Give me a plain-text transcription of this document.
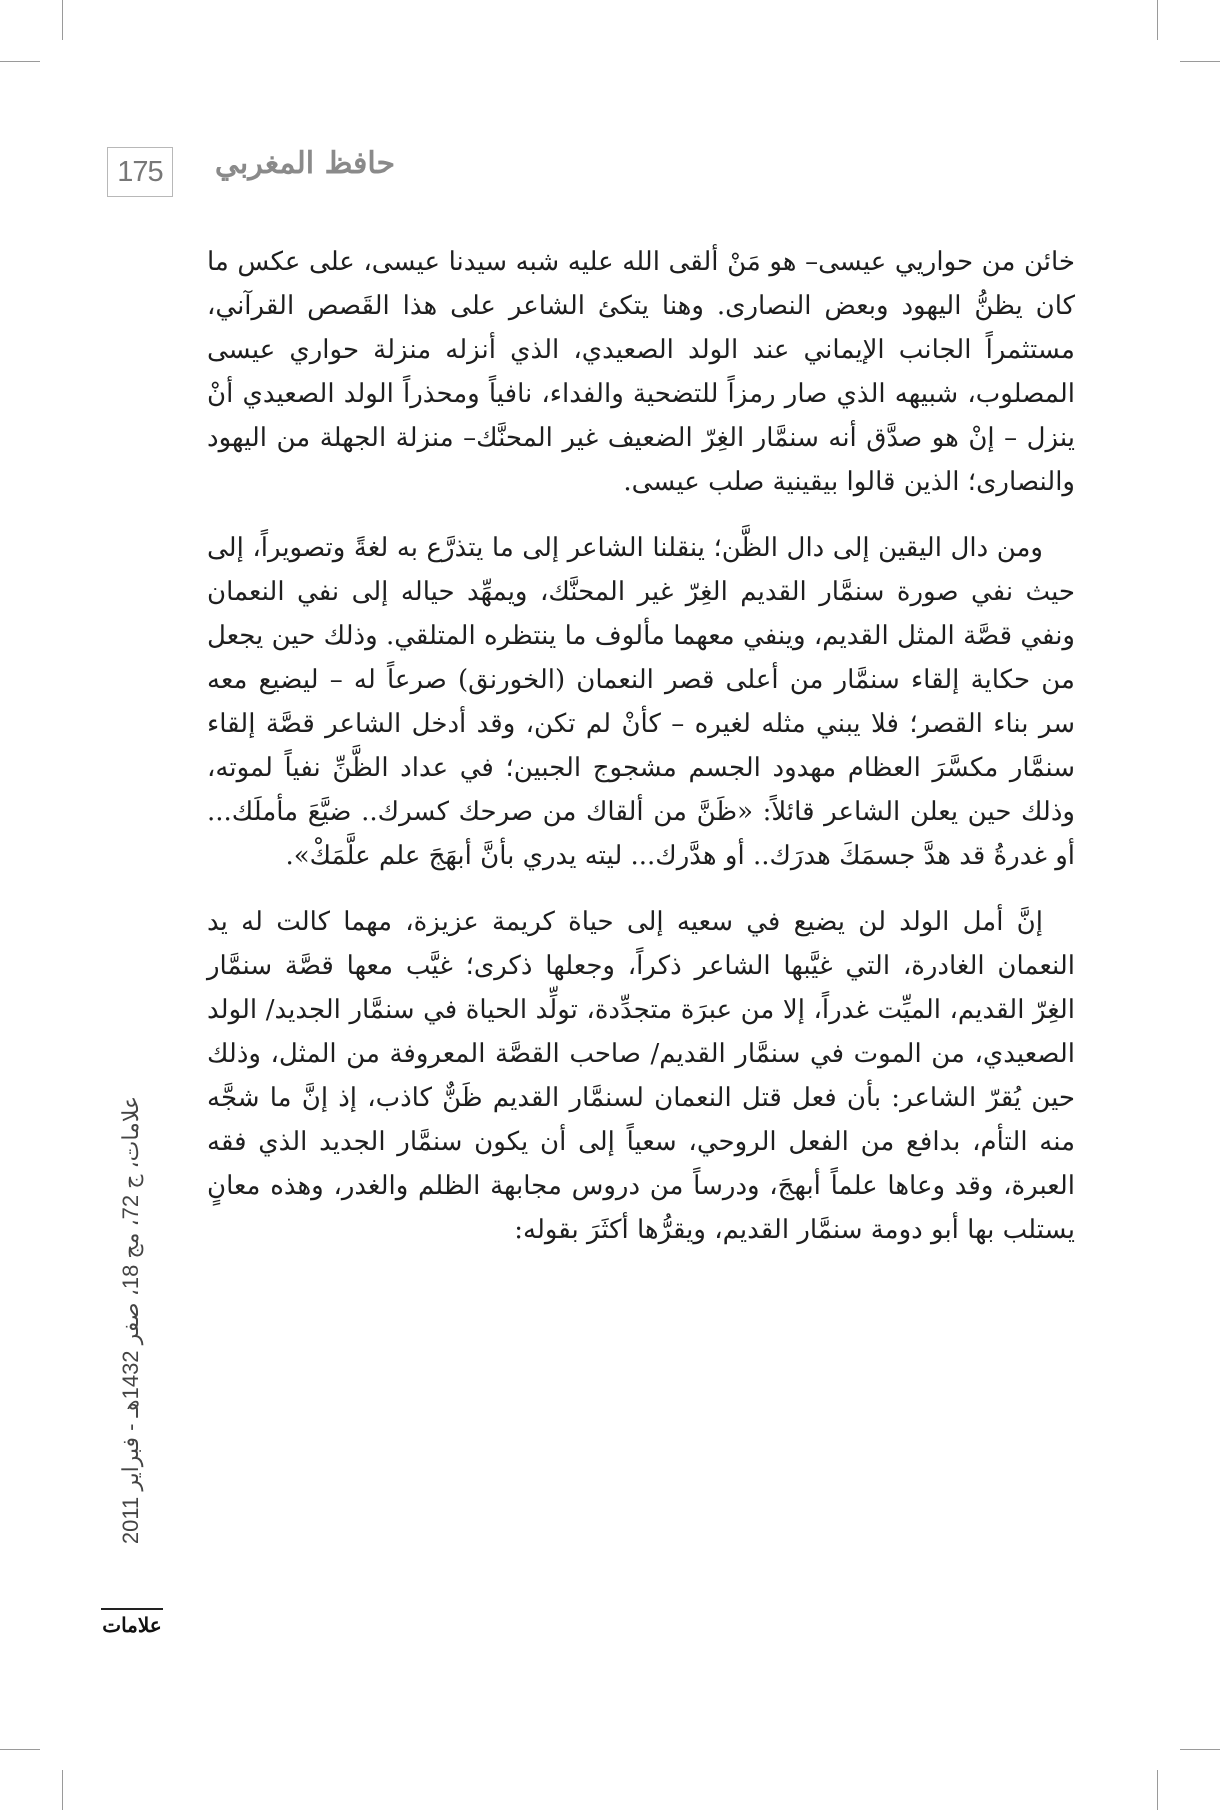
175	حافظ المغربي

خائن من حواريي عيسى– هو مَنْ ألقى الله عليه شبه سيدنا عيسى، على عكس ما كان يظنُّ اليهود وبعض النصارى. وهنا يتكئ الشاعر على هذا القَصص القرآني، مستثمراً الجانب الإيماني عند الولد الصعيدي، الذي أنزله منزلة حواري عيسى المصلوب، شبيهه الذي صار رمزاً للتضحية والفداء، نافياً ومحذراً الولد الصعيدي أنْ ينزل – إنْ هو صدَّق أنه سنمَّار الغِرّ الضعيف غير المحنَّك– منزلة الجهلة من اليهود والنصارى؛ الذين قالوا بيقينية صلب عيسى.

ومن دال اليقين إلى دال الظَّن؛ ينقلنا الشاعر إلى ما يتذرَّع به لغةً وتصويراً، إلى حيث نفي صورة سنمَّار القديم الغِرّ غير المحنَّك، ويمهِّد حياله إلى نفي النعمان ونفي قصَّة المثل القديم، وينفي معهما مألوف ما ينتظره المتلقي. وذلك حين يجعل من حكاية إلقاء سنمَّار من أعلى قصر النعمان (الخورنق) صرعاً له – ليضيع معه سر بناء القصر؛ فلا يبني مثله لغيره – كأنْ لم تكن، وقد أدخل الشاعر قصَّة إلقاء سنمَّار مكسَّرَ العظام مهدود الجسم مشجوج الجبين؛ في عداد الظَّنِّ نفياً لموته، وذلك حين يعلن الشاعر قائلاً: «ظَنَّ من ألقاك من صرحك كسرك.. ضيَّعَ مأملَك... أو غدرةُ قد هدَّ جسمَكَ هدرَك.. أو هدَّرك... ليته يدري بأنَّ أبهَجَ علم علَّمَكْ».

إنَّ أمل الولد لن يضيع في سعيه إلى حياة كريمة عزيزة، مهما كالت له يد النعمان الغادرة، التي غيَّبها الشاعر ذكراً، وجعلها ذكرى؛ غيَّب معها قصَّة سنمَّار الغِرّ القديم، الميِّت غدراً، إلا من عبرَة متجدِّدة، تولِّد الحياة في سنمَّار الجديد/ الولد الصعيدي، من الموت في سنمَّار القديم/ صاحب القصَّة المعروفة من المثل، وذلك حين يُقرّ الشاعر: بأن فعل قتل النعمان لسنمَّار القديم ظَنٌّ كاذب، إذ إنَّ ما شجَّه منه التأم، بدافع من الفعل الروحي، سعياً إلى أن يكون سنمَّار الجديد الذي فقه العبرة، وقد وعاها علماً أبهجَ، ودرساً من دروس مجابهة الظلم والغدر، وهذه معانٍ يستلب بها أبو دومة سنمَّار القديم، ويقرُّها أكثَرَ بقوله:

علامات، ج 72، مج 18، صفر 1432هـ - فبراير 2011
علامات
